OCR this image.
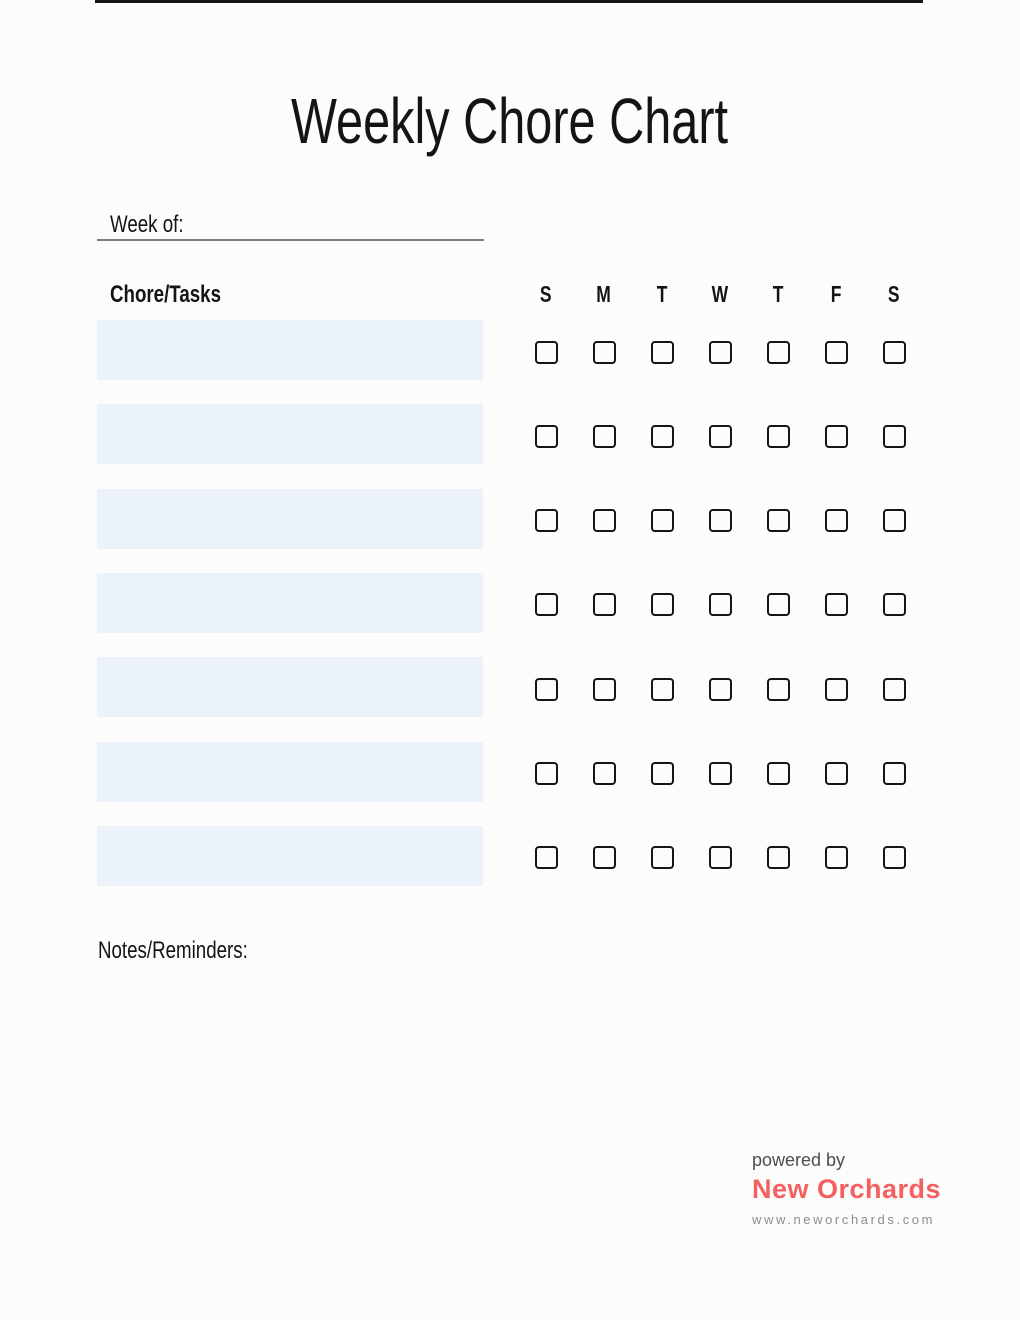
Weekly Chore Chart
Week of:
Chore/Tasks	S	M	T	W	T	F	S
Notes/Reminders:
powered by
New Orchards
www.neworchards.com
